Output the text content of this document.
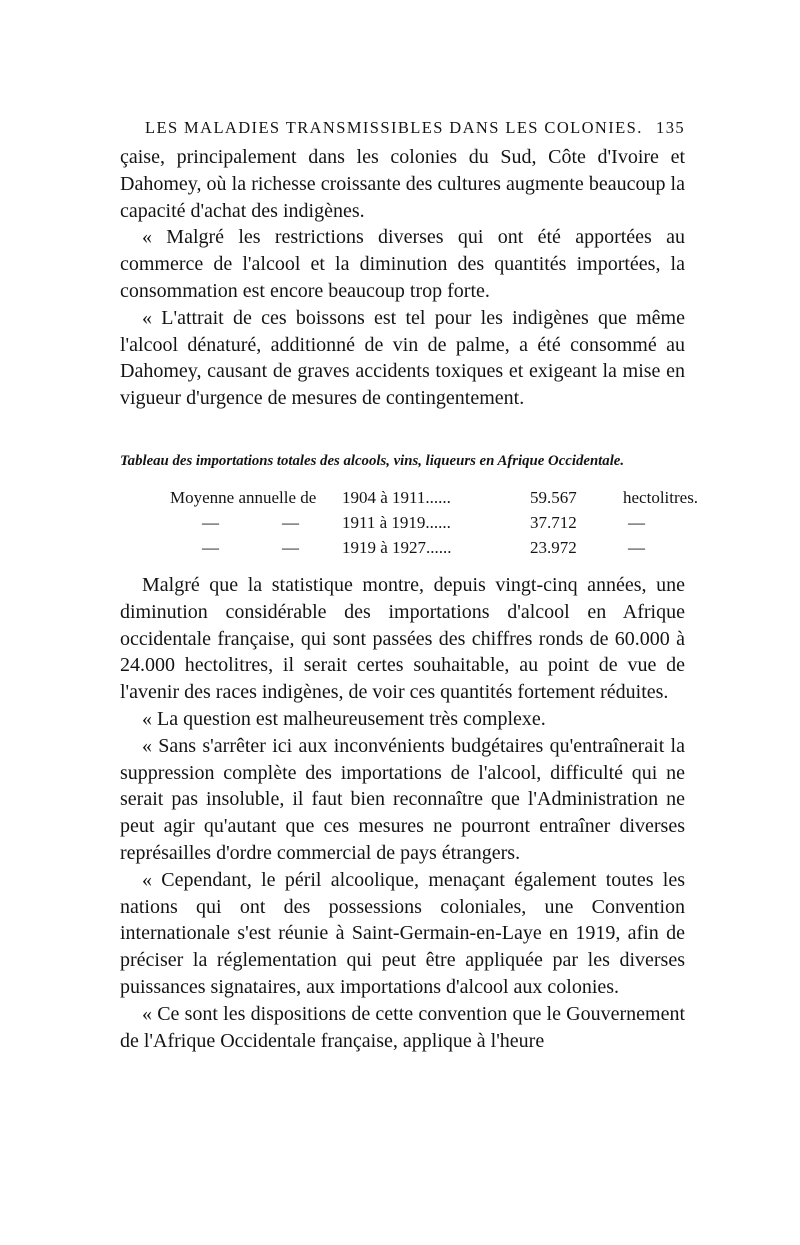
LES MALADIES TRANSMISSIBLES DANS LES COLONIES. 135

çaise, principalement dans les colonies du Sud, Côte d'Ivoire et Dahomey, où la richesse croissante des cultures augmente beaucoup la capacité d'achat des indigènes.

« Malgré les restrictions diverses qui ont été apportées au commerce de l'alcool et la diminution des quantités importées, la consommation est encore beaucoup trop forte.

« L'attrait de ces boissons est tel pour les indigènes que même l'alcool dénaturé, additionné de vin de palme, a été consommé au Dahomey, causant de graves accidents toxiques et exigeant la mise en vigueur d'urgence de mesures de contingentement.

Tableau des importations totales des alcools, vins, liqueurs en Afrique Occidentale.
Moyenne annuelle de 1904 à 1911......	59.567	hectolitres.
—	—	1911 à 1919......	37.712	—
—	—	1919 à 1927......	23.972	—

Malgré que la statistique montre, depuis vingt-cinq années, une diminution considérable des importations d'alcool en Afrique occidentale française, qui sont passées des chiffres ronds de 60.000 à 24.000 hectolitres, il serait certes souhaitable, au point de vue de l'avenir des races indigènes, de voir ces quantités fortement réduites.

« La question est malheureusement très complexe.

« Sans s'arrêter ici aux inconvénients budgétaires qu'entraînerait la suppression complète des importations de l'alcool, difficulté qui ne serait pas insoluble, il faut bien reconnaître que l'Administration ne peut agir qu'autant que ces mesures ne pourront entraîner diverses représailles d'ordre commercial de pays étrangers.

« Cependant, le péril alcoolique, menaçant également toutes les nations qui ont des possessions coloniales, une Convention internationale s'est réunie à Saint-Germain-en-Laye en 1919, afin de préciser la réglementation qui peut être appliquée par les diverses puissances signataires, aux importations d'alcool aux colonies.

« Ce sont les dispositions de cette convention que le Gouvernement de l'Afrique Occidentale française, applique à l'heure
